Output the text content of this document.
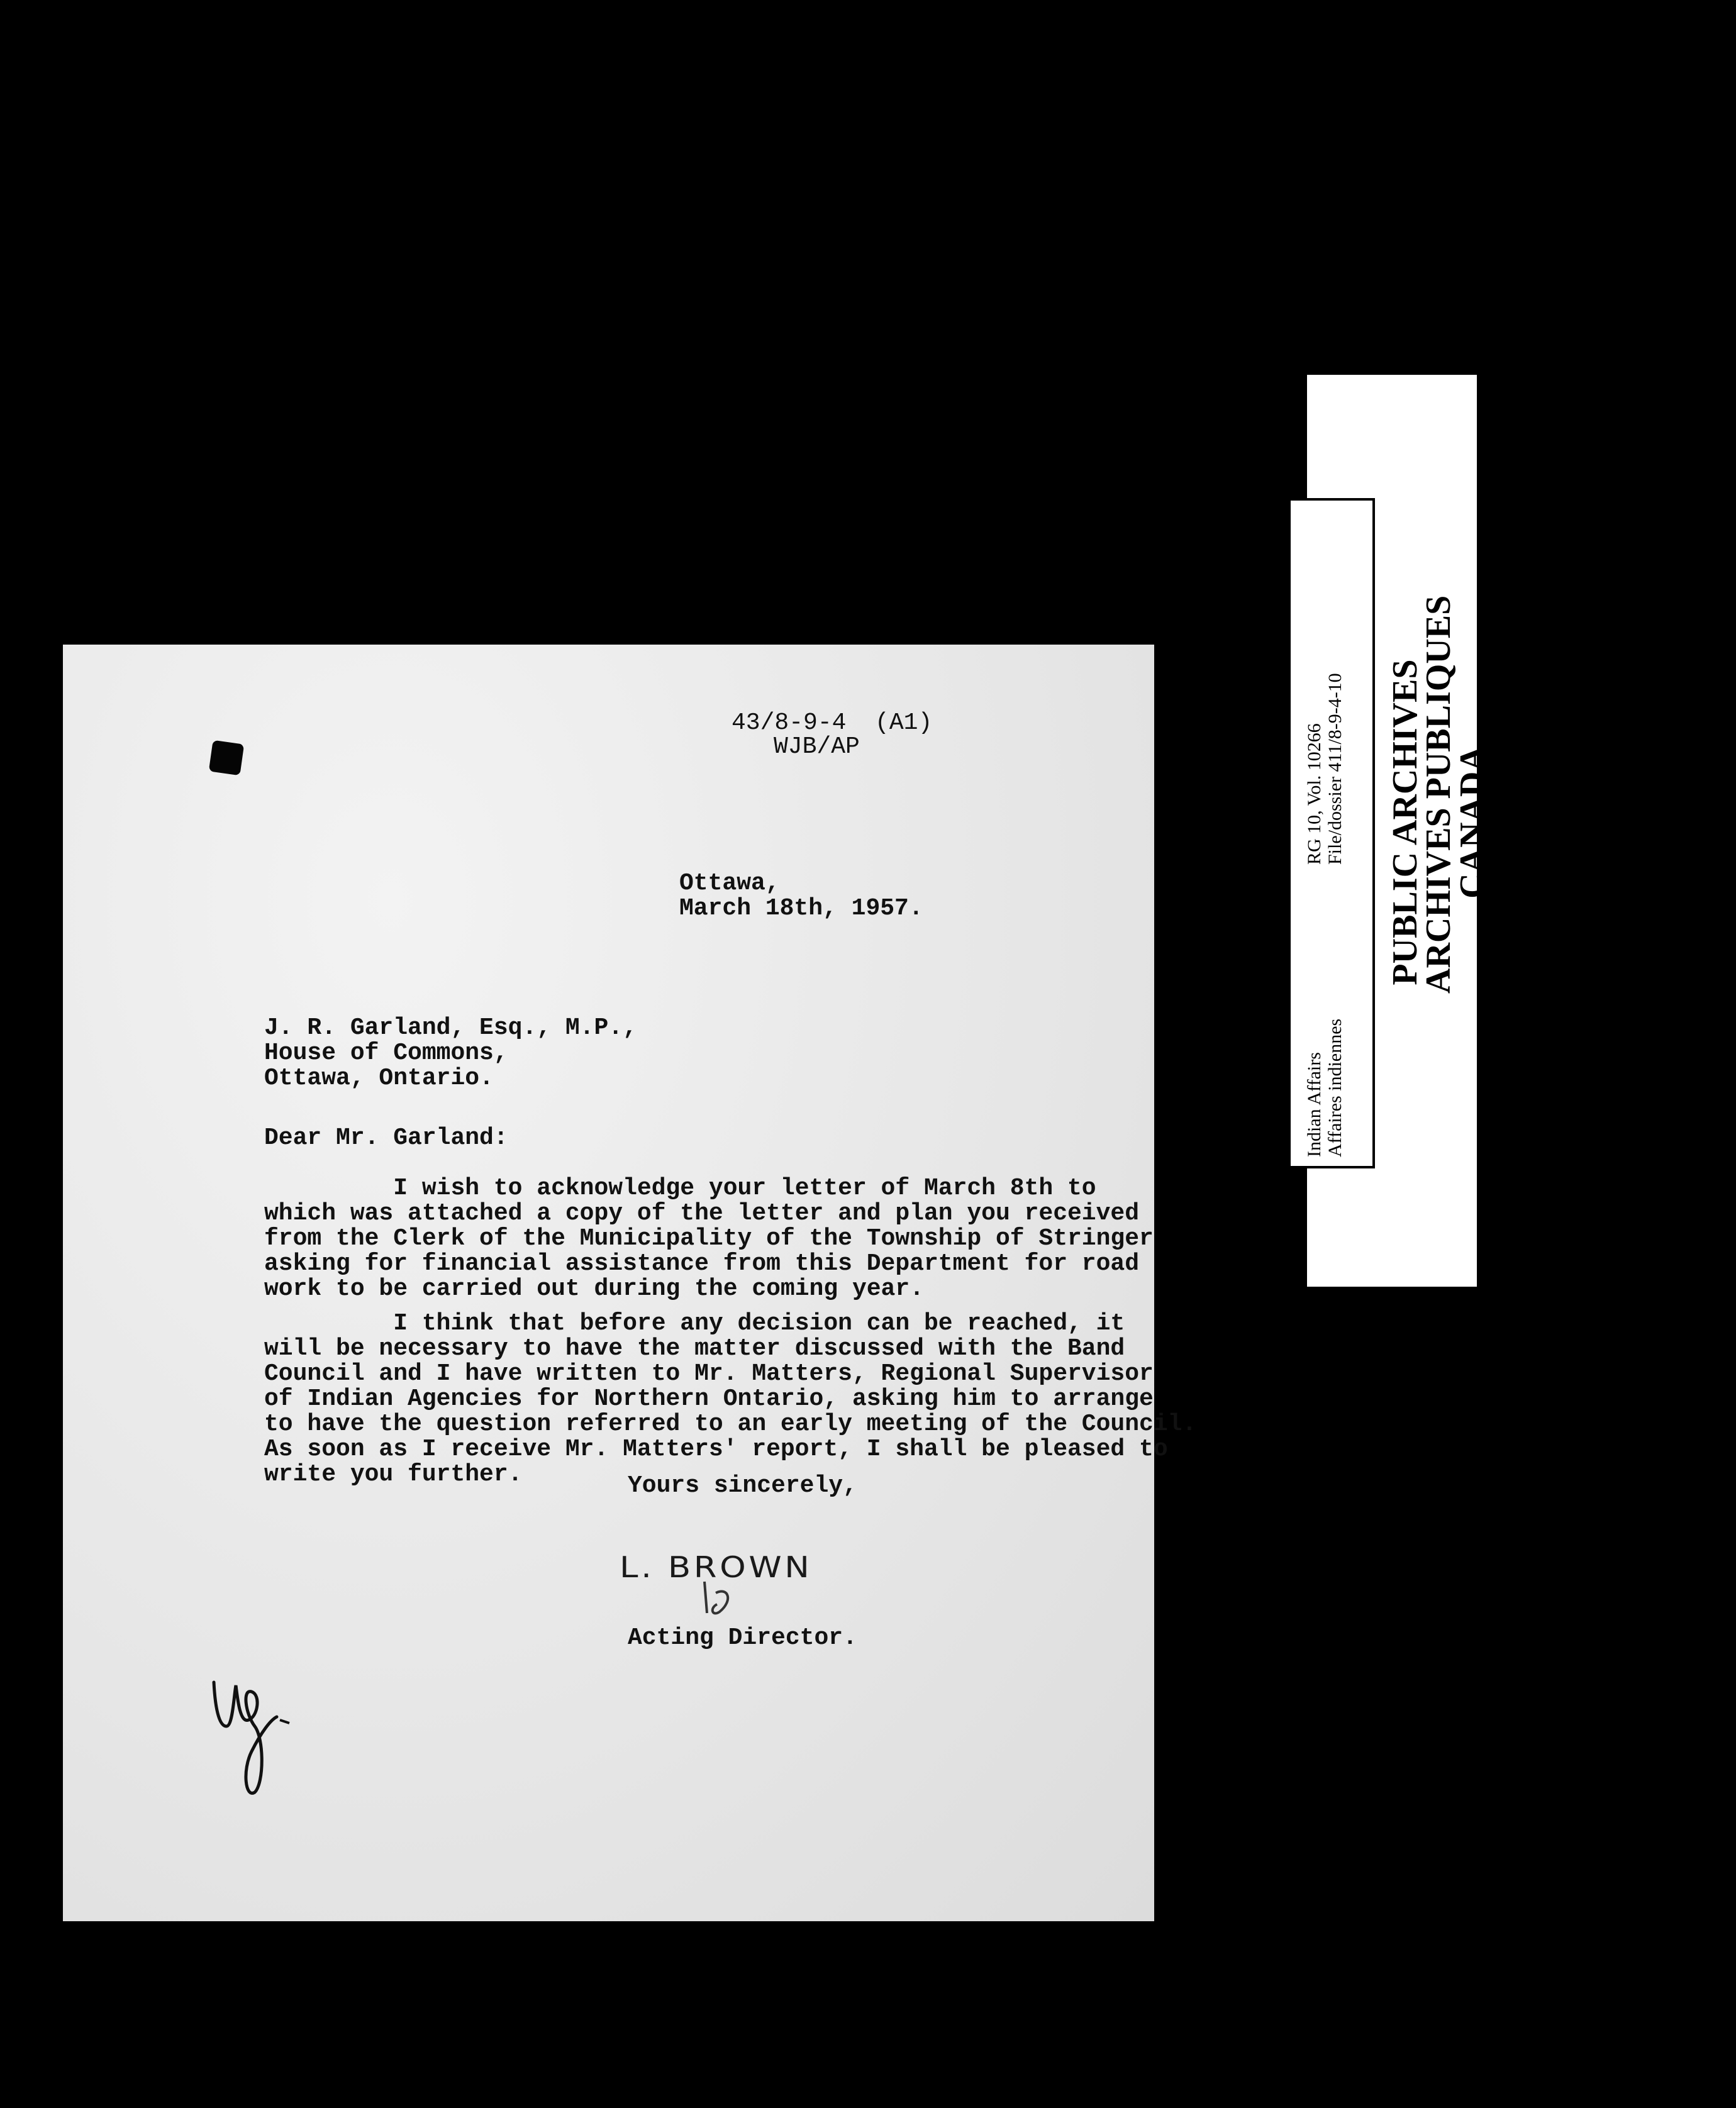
43/8-9-4  (A1)
WJB/AP
Ottawa,
March 18th, 1957.
J. R. Garland, Esq., M.P.,
House of Commons,
Ottawa, Ontario.
Dear Mr. Garland:
I wish to acknowledge your letter of March 8th to
which was attached a copy of the letter and plan you received
from the Clerk of the Municipality of the Township of Stringer
asking for financial assistance from this Department for road
work to be carried out during the coming year.
I think that before any decision can be reached, it
will be necessary to have the matter discussed with the Band
Council and I have written to Mr. Matters, Regional Supervisor
of Indian Agencies for Northern Ontario, asking him to arrange
to have the question referred to an early meeting of the Council.
As soon as I receive Mr. Matters' report, I shall be pleased to
write you further.	Yours sincerely,
L. BROWN
Acting Director.
Indian Affairs Affaires indiennes
RG 10, Vol. 10266 File/dossier 411/8-9-4-10 PUBLIC ARCHIVES
ARCHIVES PUBLIQUES
CANADA
